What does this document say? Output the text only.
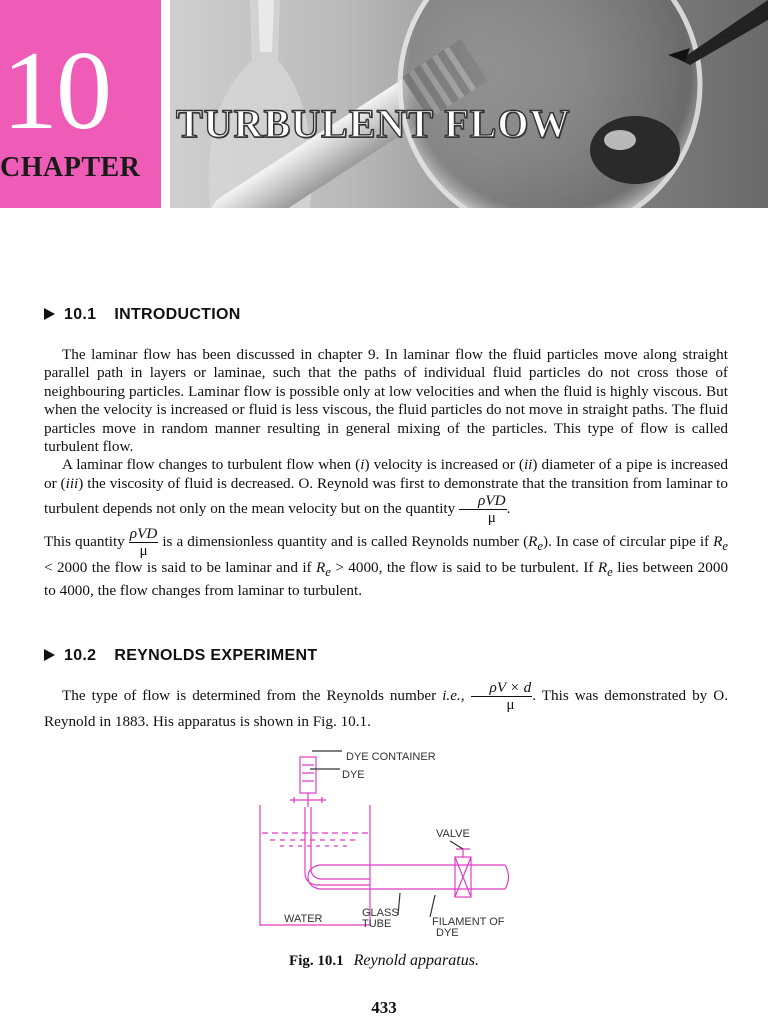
10
CHAPTER
TURBULENT FLOW
10.1 INTRODUCTION

The laminar flow has been discussed in chapter 9. In laminar flow the fluid particles move along straight parallel path in layers or laminae, such that the paths of individual fluid particles do not cross those of neighbouring particles. Laminar flow is possible only at low velocities and when the fluid is highly viscous. But when the velocity is increased or fluid is less viscous, the fluid particles do not move in straight paths. The fluid particles move in random manner resulting in general mixing of the particles. This type of flow is called turbulent flow.

A laminar flow changes to turbulent flow when (i) velocity is increased or (ii) diameter of a pipe is increased or (iii) the viscosity of fluid is decreased. O. Reynold was first to demonstrate that the transition from laminar to turbulent depends not only on the mean velocity but on the quantity $\frac{\text{ρVD}}{\mu}$ .

This quantity $\frac{\text{ρVD}}{\mu}$ is a dimensionless quantity and is called Reynolds number $(R_e)$. In case of circular pipe if $R_e < 2000$ the flow is said to be laminar and if $R_e > 4000$, the flow is said to be turbulent. If $R_e$ lies between 2000 to 4000, the flow changes from laminar to turbulent.

10.2 REYNOLDS EXPERIMENT

The type of flow is determined from the Reynolds number i.e., $\frac{\rho V \times d}{\mu}$ . This was demonstrated by O. Reynold in 1883. His apparatus is shown in Fig. 10.1.

DYE CONTAINER
DYE
VALVE
WATER	GLASS
TUBE	FILAMENT OF
DYE
Fig. 10.1 Reynold apparatus.
433
